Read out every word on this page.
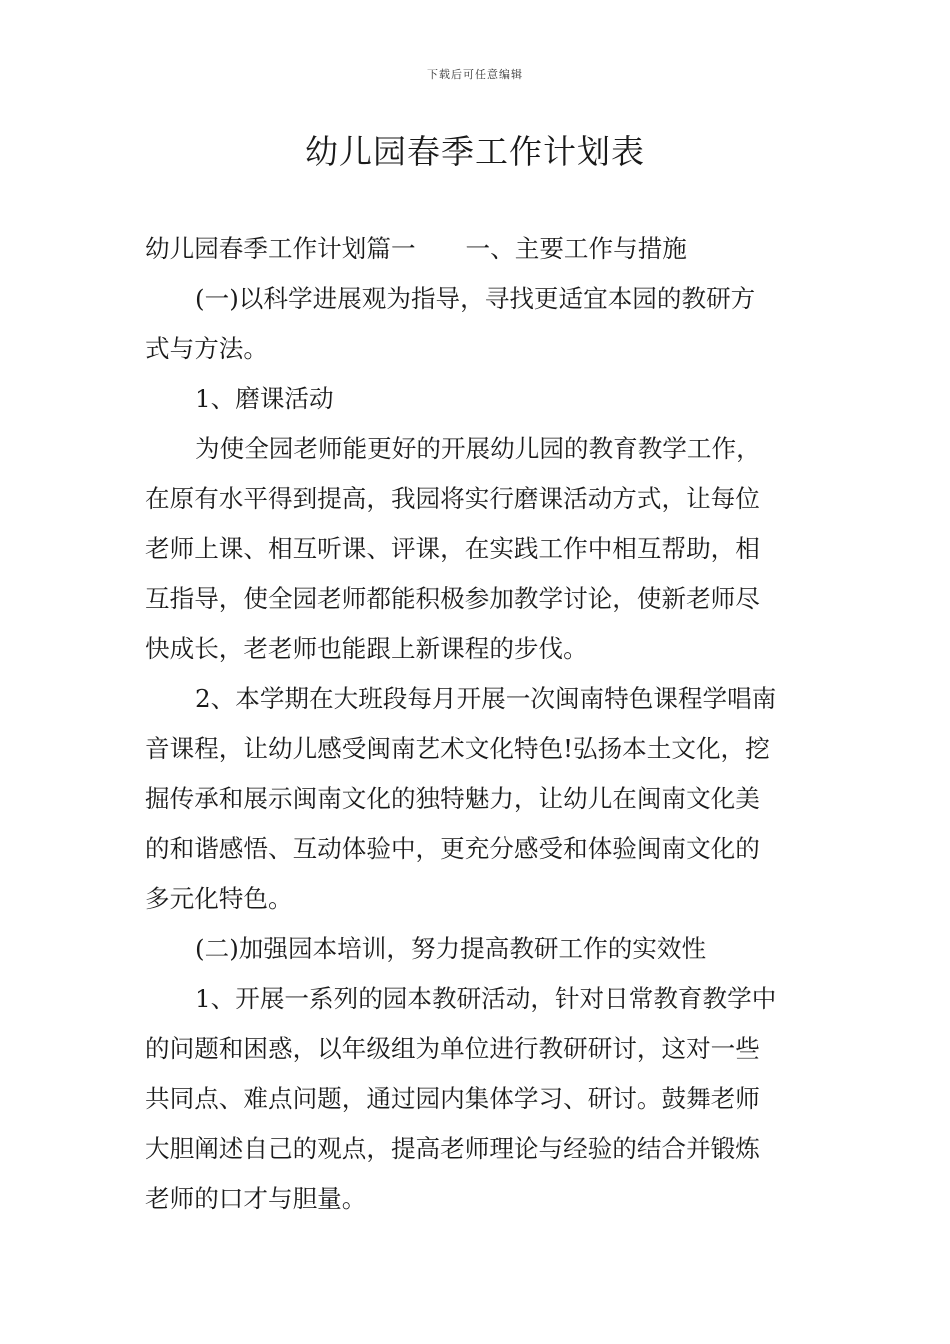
下载后可任意编辑
幼儿园春季工作计划表
幼儿园春季工作计划篇一 一、主要工作与措施
(一)以科学进展观为指导，寻找更适宜本园的教研方
式与方法。
1、磨课活动
为使全园老师能更好的开展幼儿园的教育教学工作，
在原有水平得到提高，我园将实行磨课活动方式，让每位
老师上课、相互听课、评课，在实践工作中相互帮助，相
互指导，使全园老师都能积极参加教学讨论，使新老师尽
快成长，老老师也能跟上新课程的步伐。
2、本学期在大班段每月开展一次闽南特色课程学唱南
音课程，让幼儿感受闽南艺术文化特色!弘扬本土文化，挖
掘传承和展示闽南文化的独特魅力，让幼儿在闽南文化美
的和谐感悟、互动体验中，更充分感受和体验闽南文化的
多元化特色。
(二)加强园本培训，努力提高教研工作的实效性
1、开展一系列的园本教研活动，针对日常教育教学中
的问题和困惑，以年级组为单位进行教研研讨，这对一些
共同点、难点问题，通过园内集体学习、研讨。鼓舞老师
大胆阐述自己的观点，提高老师理论与经验的结合并锻炼
老师的口才与胆量。
